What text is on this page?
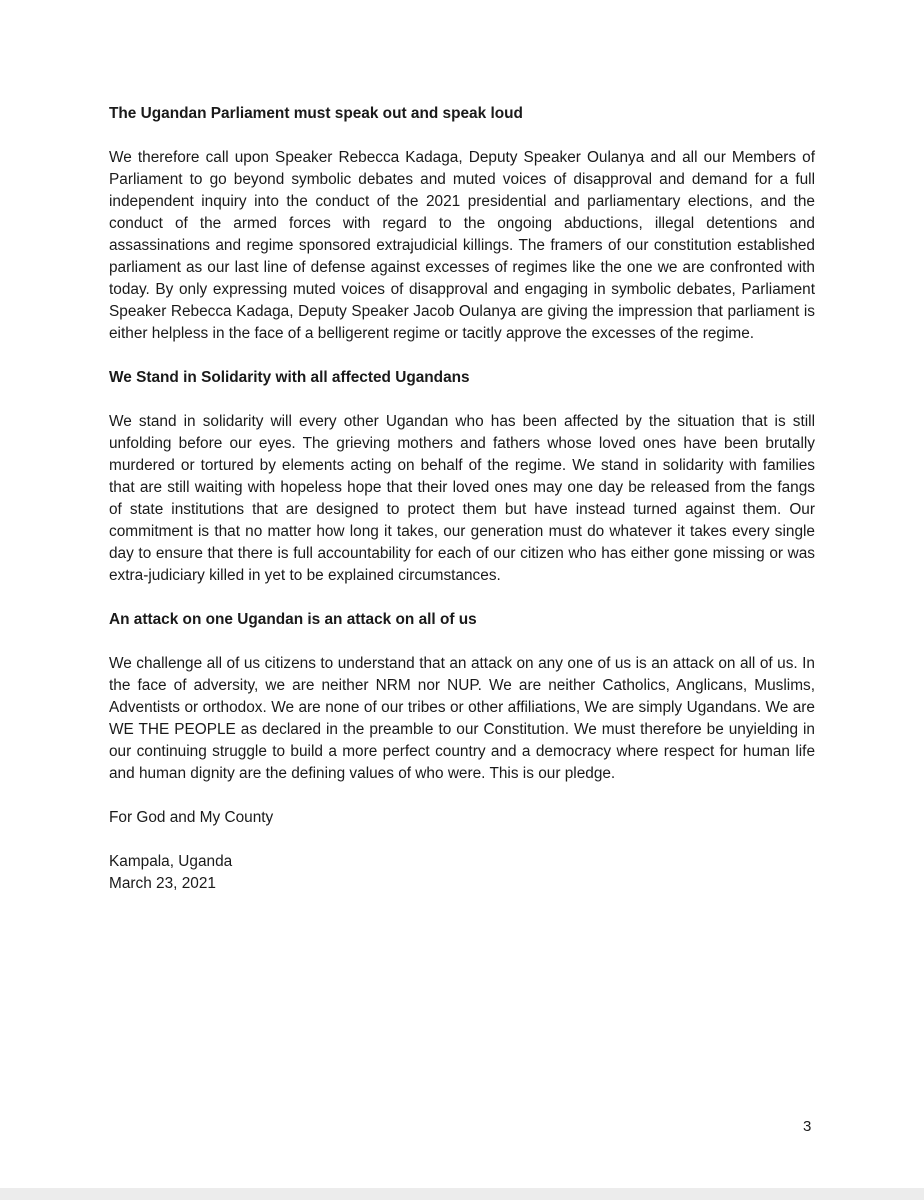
The Ugandan Parliament must speak out and speak loud

We therefore call upon Speaker Rebecca Kadaga, Deputy Speaker Oulanya and all our Members of Parliament to go beyond symbolic debates and muted voices of disapproval and demand for a full independent inquiry into the conduct of the 2021 presidential and parliamentary elections, and the conduct of the armed forces with regard to the ongoing abductions, illegal detentions and assassinations and regime sponsored extrajudicial killings. The framers of our constitution established parliament as our last line of defense against excesses of regimes like the one we are confronted with today. By only expressing muted voices of disapproval and engaging in symbolic debates, Parliament Speaker Rebecca Kadaga, Deputy Speaker Jacob Oulanya are giving the impression that parliament is either helpless in the face of a belligerent regime or tacitly approve the excesses of the regime.

We Stand in Solidarity with all affected Ugandans

We stand in solidarity will every other Ugandan who has been affected by the situation that is still unfolding before our eyes. The grieving mothers and fathers whose loved ones have been brutally murdered or tortured by elements acting on behalf of the regime. We stand in solidarity with families that are still waiting with hopeless hope that their loved ones may one day be released from the fangs of state institutions that are designed to protect them but have instead turned against them. Our commitment is that no matter how long it takes, our generation must do whatever it takes every single day to ensure that there is full accountability for each of our citizen who has either gone missing or was extra-judiciary killed in yet to be explained circumstances.

An attack on one Ugandan is an attack on all of us

We challenge all of us citizens to understand that an attack on any one of us is an attack on all of us. In the face of adversity, we are neither NRM nor NUP. We are neither Catholics, Anglicans, Muslims, Adventists or orthodox. We are none of our tribes or other affiliations, We are simply Ugandans. We are WE THE PEOPLE as declared in the preamble to our Constitution. We must therefore be unyielding in our continuing struggle to build a more perfect country and a democracy where respect for human life and human dignity are the defining values of who were. This is our pledge.

For God and My County

Kampala, Uganda

March 23, 2021

3
